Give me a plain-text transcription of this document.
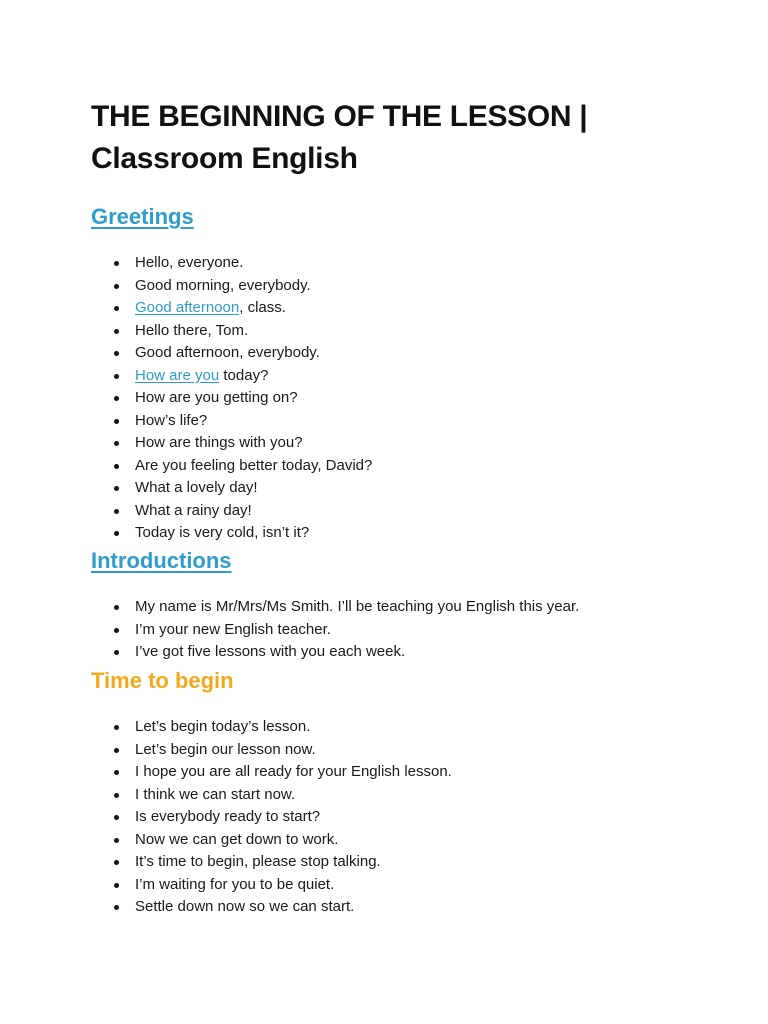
THE BEGINNING OF THE LESSON |
Classroom English
Greetings
Hello, everyone.
Good morning, everybody.
Good afternoon, class.
Hello there, Tom.
Good afternoon, everybody.
How are you today?
How are you getting on?
How’s life?
How are things with you?
Are you feeling better today, David?
What a lovely day!
What a rainy day!
Today is very cold, isn’t it?
Introductions
My name is Mr/Mrs/Ms Smith. I’ll be teaching you English this year.
I’m your new English teacher.
I’ve got five lessons with you each week.
Time to begin
Let’s begin today’s lesson.
Let’s begin our lesson now.
I hope you are all ready for your English lesson.
I think we can start now.
Is everybody ready to start?
Now we can get down to work.
It’s time to begin, please stop talking.
I’m waiting for you to be quiet.
Settle down now so we can start.
